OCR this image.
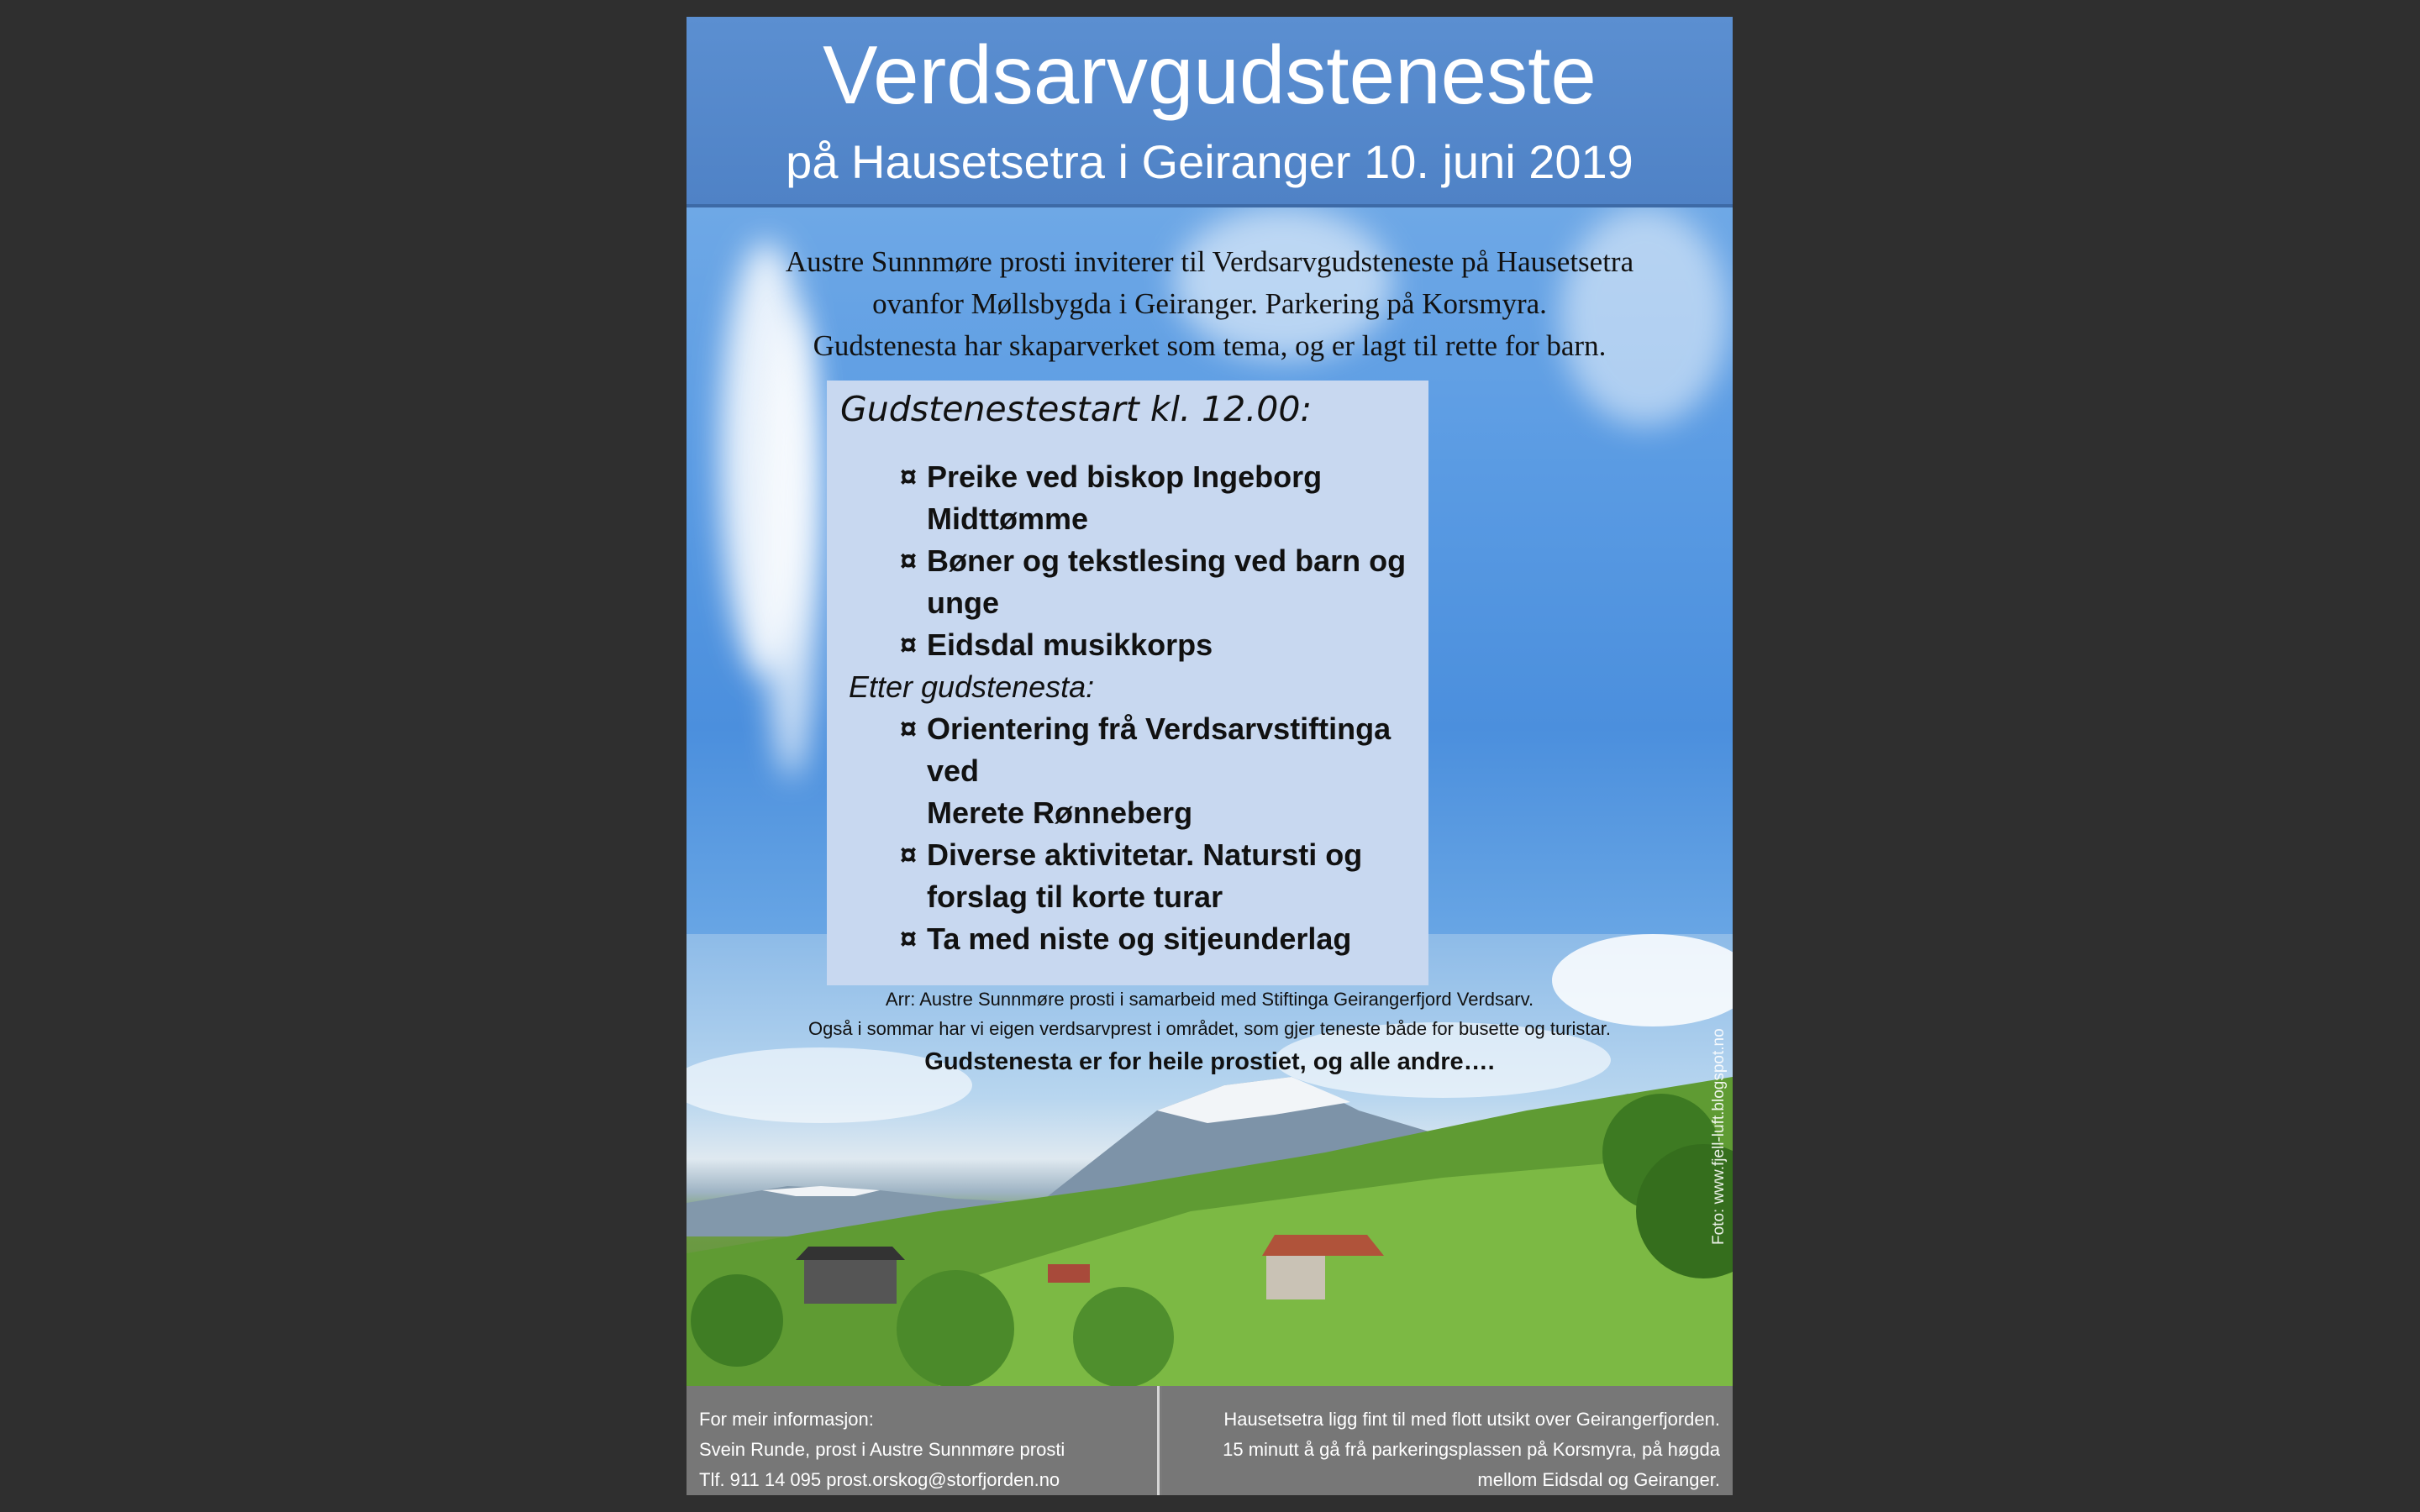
Verdsarvgudsteneste
på Hausetsetra i Geiranger 10. juni 2019
Austre Sunnmøre prosti inviterer til Verdsarvgudsteneste på Hausetsetra
ovanfor Møllsbygda i Geiranger. Parkering på Korsmyra.
Gudstenesta har skaparverket som tema, og er lagt til rette for barn.
Arr: Austre Sunnmøre prosti i samarbeid med Stiftinga Geirangerfjord Verdsarv.
Også i sommar har vi eigen verdsarvprest i området, som gjer teneste både for busette og turistar.
Gudstenesta er for heile prostiet, og alle andre….	Foto: www.fjell-luft.blogspot.no
Gudstenestestart kl. 12.00:
¤ Preike ved biskop Ingeborg Midttømme
¤ Bøner og tekstlesing ved barn og unge
¤ Eidsdal musikkorps
Etter gudstenesta:
¤ Orientering frå Verdsarvstiftinga ved
Merete Rønneberg
¤ Diverse aktivitetar. Natursti og
forslag til korte turar
¤ Ta med niste og sitjeunderlag
For meir informasjon:
Svein Runde, prost i Austre Sunnmøre prosti
Tlf. 911 14 095 prost.orskog@storfjorden.no
Hausetsetra ligg fint til med flott utsikt over Geirangerfjorden.
15 minutt å gå frå parkeringsplassen på Korsmyra, på høgda
mellom Eidsdal og Geiranger.
